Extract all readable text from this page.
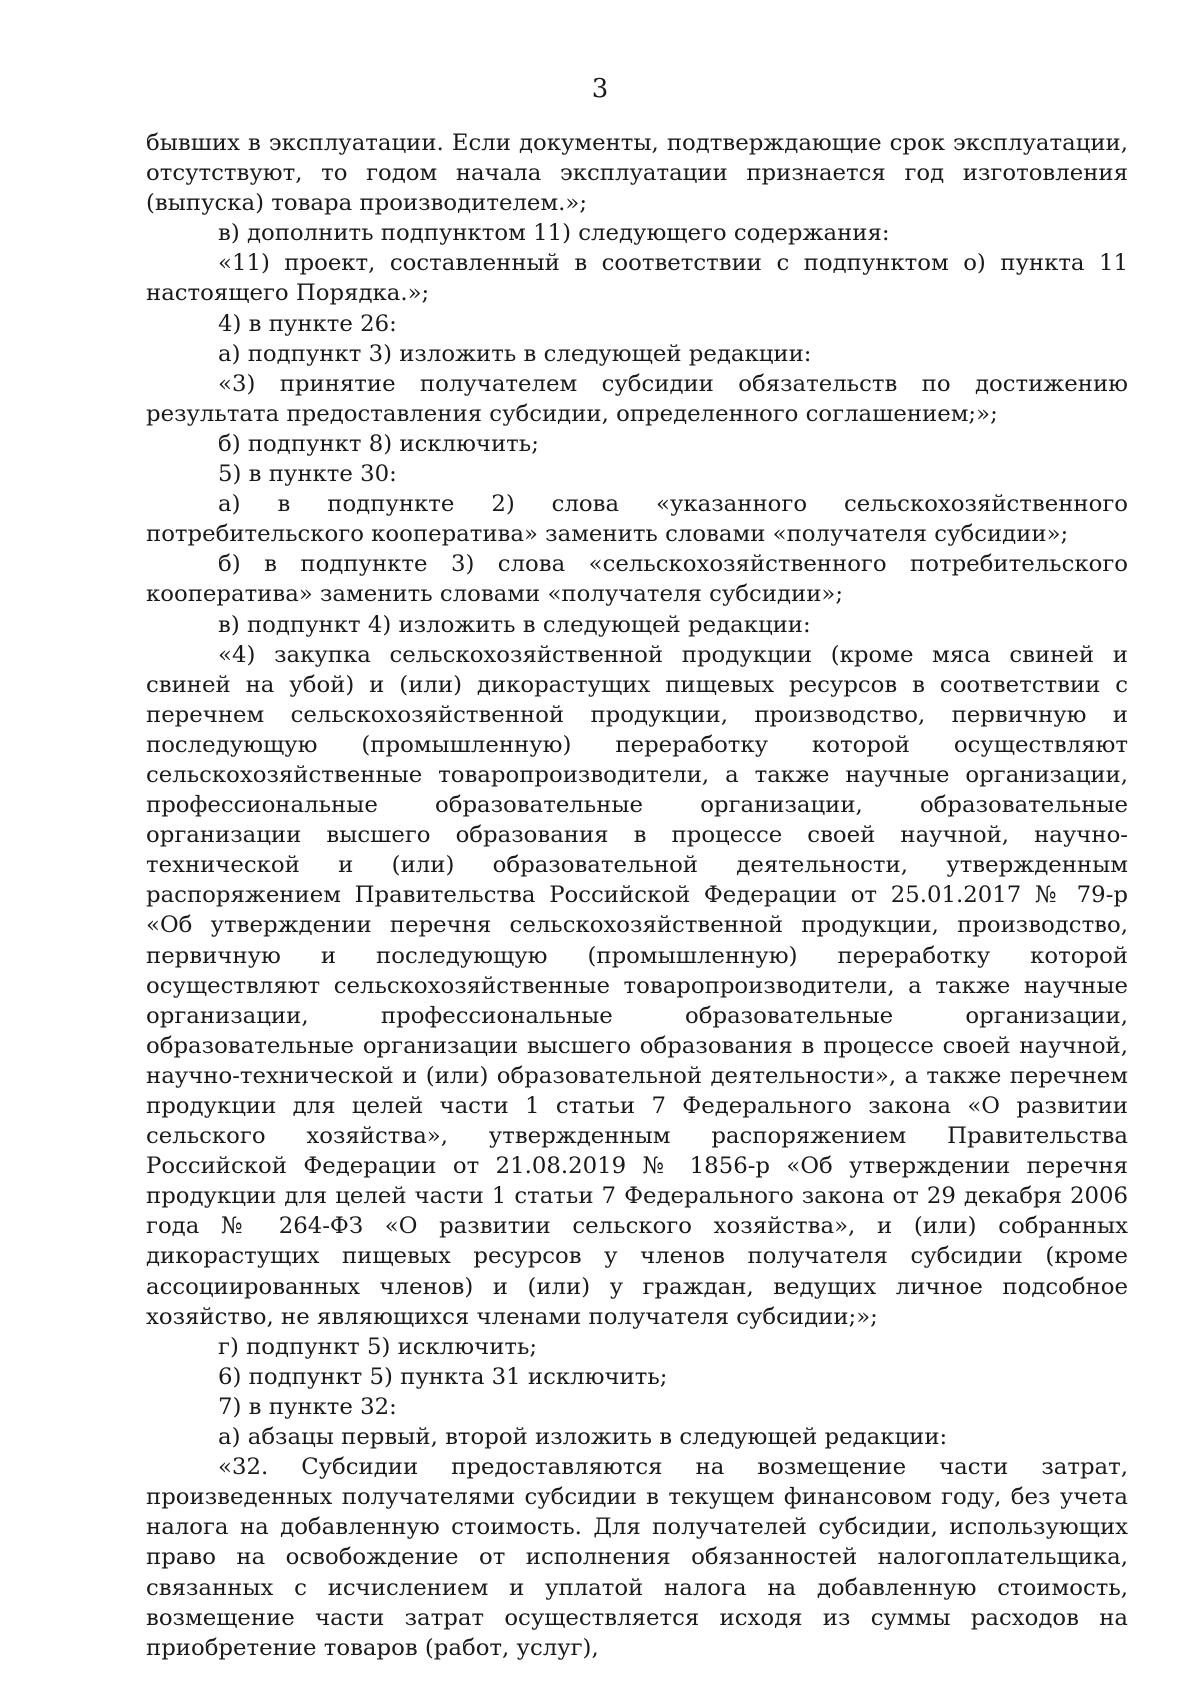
3

бывших в эксплуатации. Если документы, подтверждающие срок эксплуатации, отсутствуют, то годом начала эксплуатации признается год изготовления (выпуска) товара производителем.»;

в) дополнить подпунктом 11) следующего содержания:

«11) проект, составленный в соответствии с подпунктом о) пункта 11 настоящего Порядка.»;

4) в пункте 26:

а) подпункт 3) изложить в следующей редакции:

«3) принятие получателем субсидии обязательств по достижению результата предоставления субсидии, определенного соглашением;»;

б) подпункт 8) исключить;

5) в пункте 30:

а) в подпункте 2) слова «указанного сельскохозяйственного потребительского кооператива» заменить словами «получателя субсидии»;

б) в подпункте 3) слова «сельскохозяйственного потребительского кооператива» заменить словами «получателя субсидии»;

в) подпункт 4) изложить в следующей редакции:

«4) закупка сельскохозяйственной продукции (кроме мяса свиней и свиней на убой) и (или) дикорастущих пищевых ресурсов в соответствии с перечнем сельскохозяйственной продукции, производство, первичную и последующую (промышленную) переработку которой осуществляют сельскохозяйственные товаропроизводители, а также научные организации, профессиональные образовательные организации, образовательные организации высшего образования в процессе своей научной, научно-технической и (или) образовательной деятельности, утвержденным распоряжением Правительства Российской Федерации от 25.01.2017 № 79-р «Об утверждении перечня сельскохозяйственной продукции, производство, первичную и последующую (промышленную) переработку которой осуществляют сельскохозяйственные товаропроизводители, а также научные организации, профессиональные образовательные организации, образовательные организации высшего образования в процессе своей научной, научно-технической и (или) образовательной деятельности», а также перечнем продукции для целей части 1 статьи 7 Федерального закона «О развитии сельского хозяйства», утвержденным распоряжением Правительства Российской Федерации от 21.08.2019 № 1856-р «Об утверждении перечня продукции для целей части 1 статьи 7 Федерального закона от 29 декабря 2006 года № 264-ФЗ «О развитии сельского хозяйства», и (или) собранных дикорастущих пищевых ресурсов у членов получателя субсидии (кроме ассоциированных членов) и (или) у граждан, ведущих личное подсобное хозяйство, не являющихся членами получателя субсидии;»;

г) подпункт 5) исключить;

6) подпункт 5) пункта 31 исключить;

7) в пункте 32:

а) абзацы первый, второй изложить в следующей редакции:

«32. Субсидии предоставляются на возмещение части затрат, произведенных получателями субсидии в текущем финансовом году, без учета налога на добавленную стоимость. Для получателей субсидии, использующих право на освобождение от исполнения обязанностей налогоплательщика, связанных с исчислением и уплатой налога на добавленную стоимость, возмещение части затрат осуществляется исходя из суммы расходов на приобретение товаров (работ, услуг),
